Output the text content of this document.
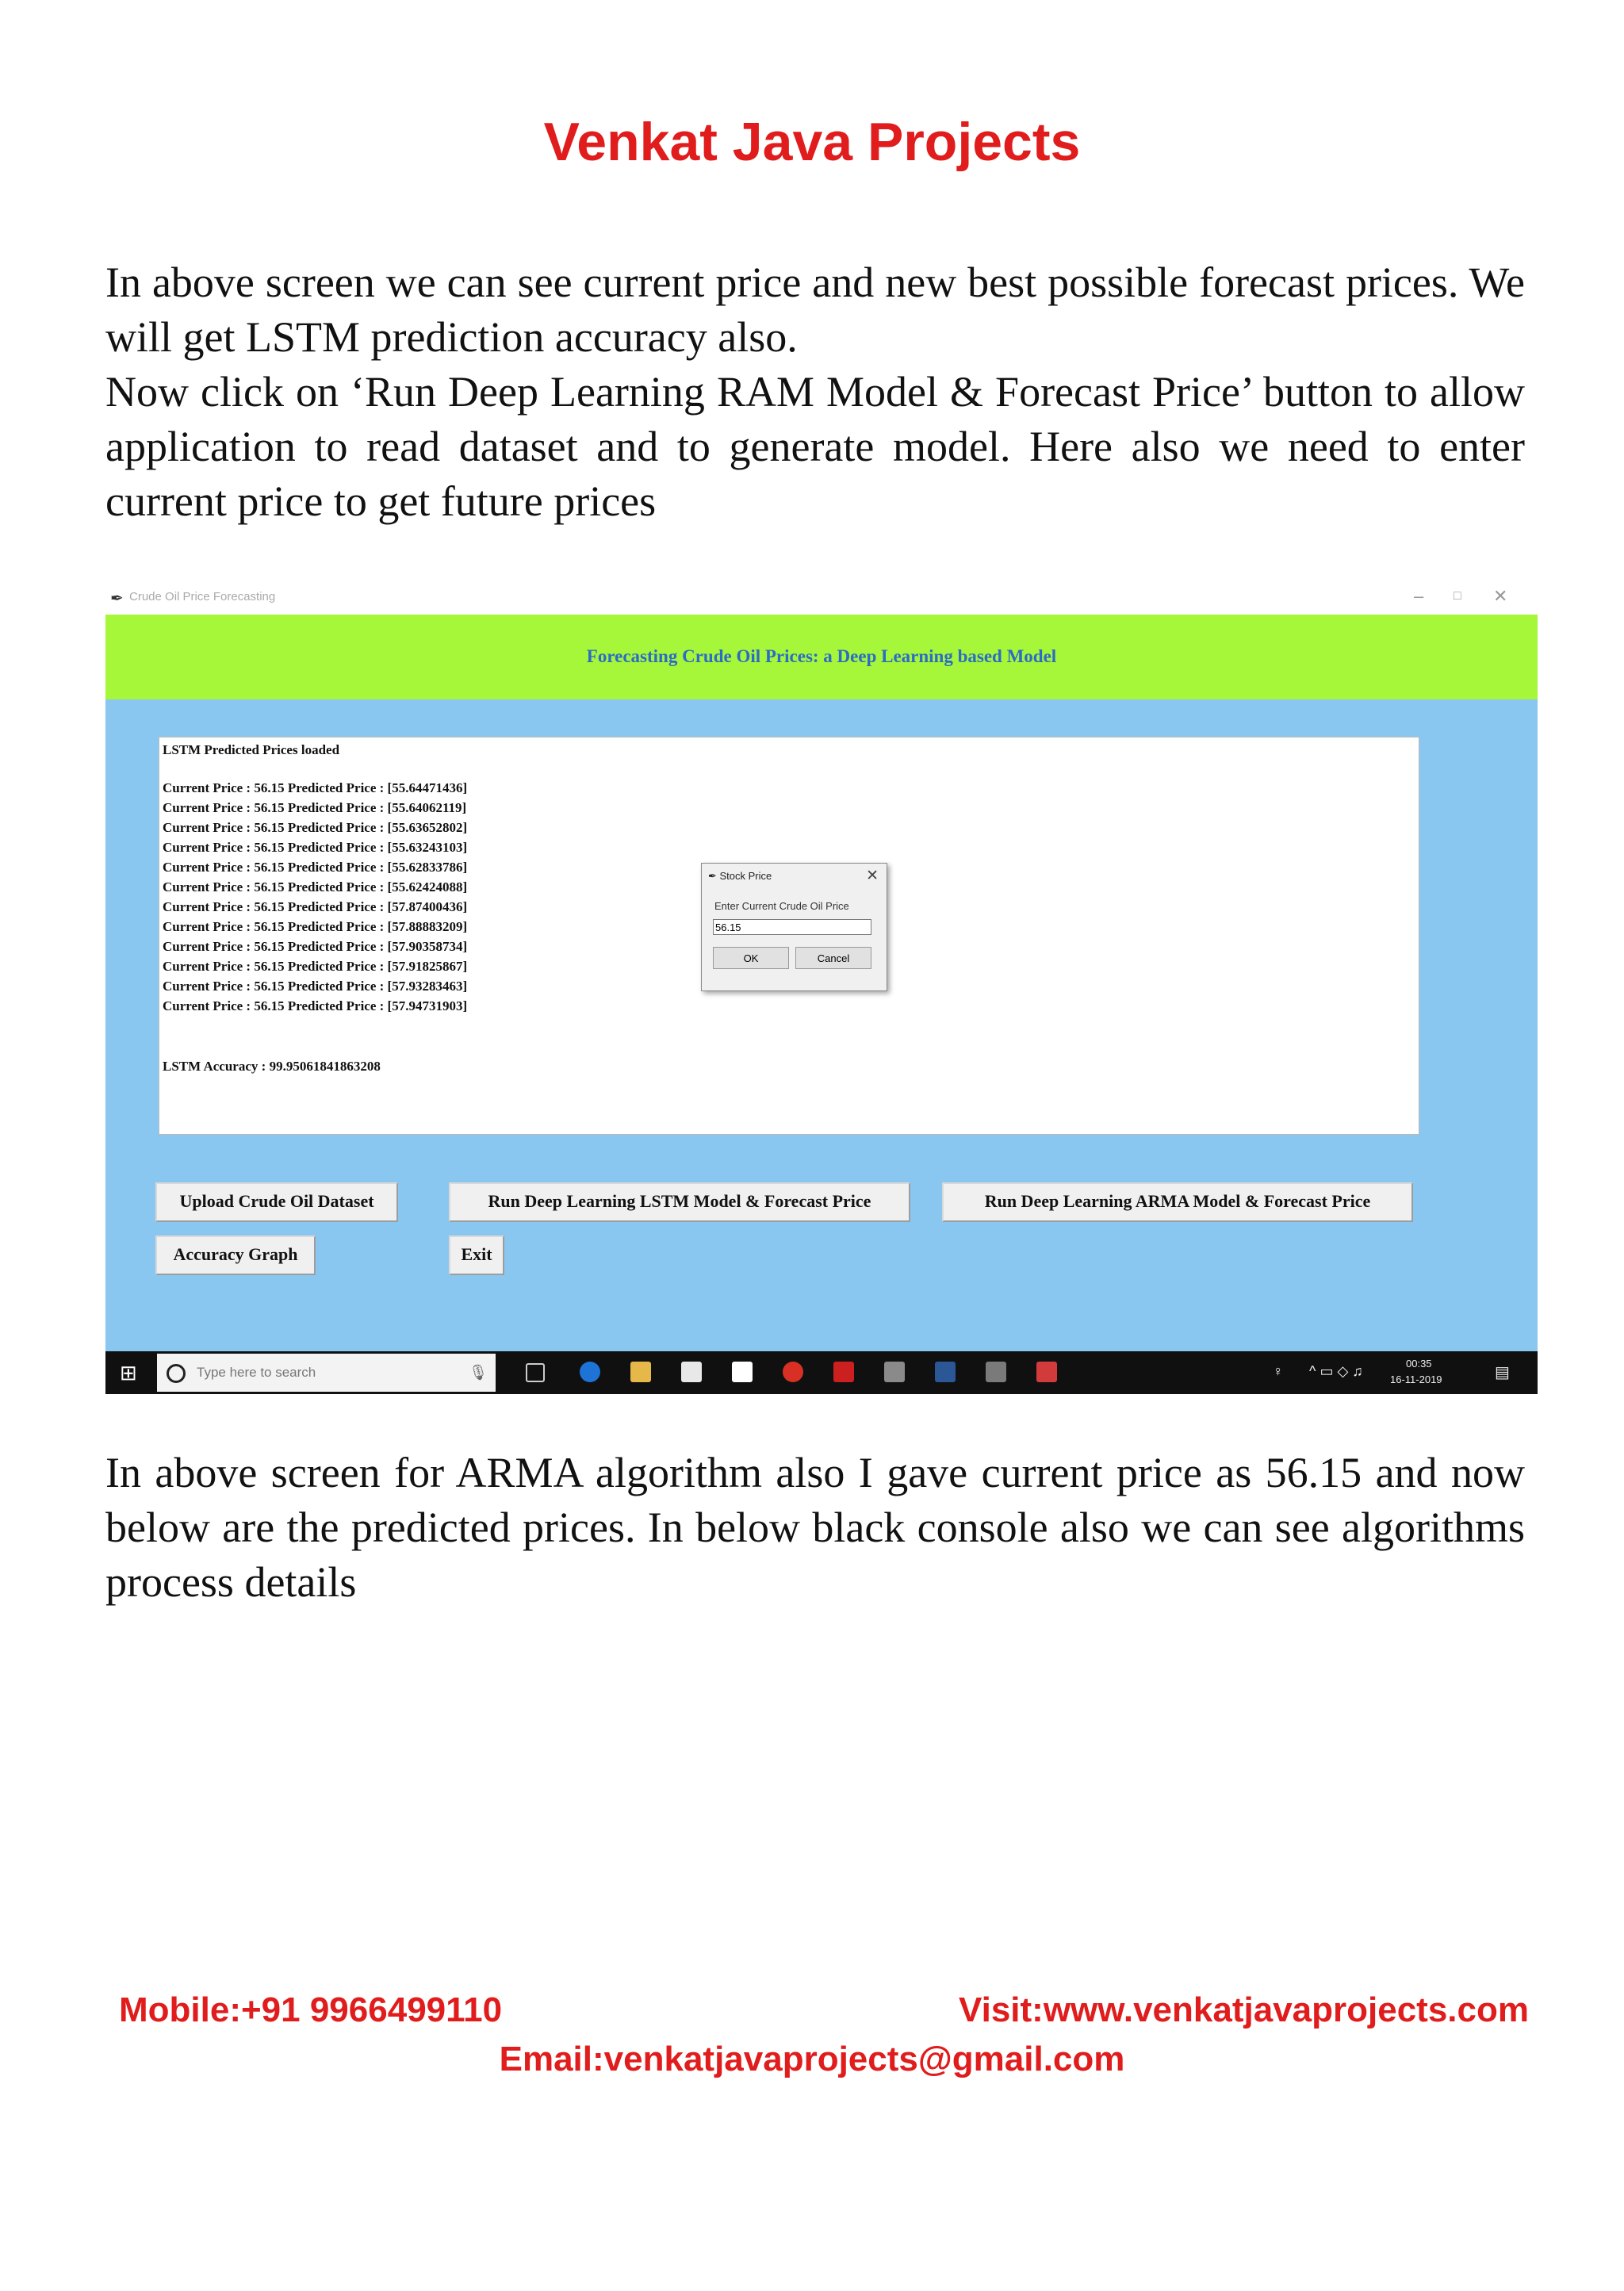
Venkat Java Projects

In above screen we can see current price and new best possible forecast prices. We will get LSTM prediction accuracy also.

Now click on ‘Run Deep Learning RAM Model & Forecast Price’ button to allow application to read dataset and to generate model. Here also we need to enter current price to get future prices

✒ Crude Oil Price Forecasting	– □ ✕
Forecasting Crude Oil Prices: a Deep Learning based Model
LSTM Predicted Prices loaded
Current Price : 56.15 Predicted Price : [55.64471436]
Current Price : 56.15 Predicted Price : [55.64062119]
Current Price : 56.15 Predicted Price : [55.63652802]
Current Price : 56.15 Predicted Price : [55.63243103]
Current Price : 56.15 Predicted Price : [55.62833786]
Current Price : 56.15 Predicted Price : [55.62424088]
Current Price : 56.15 Predicted Price : [57.87400436]
Current Price : 56.15 Predicted Price : [57.88883209]
Current Price : 56.15 Predicted Price : [57.90358734]
Current Price : 56.15 Predicted Price : [57.91825867]
Current Price : 56.15 Predicted Price : [57.93283463]
Current Price : 56.15 Predicted Price : [57.94731903]
LSTM Accuracy : 99.95061841863208
✒ Stock Price	✕
Enter Current Crude Oil Price
56.15
OK	Cancel
Upload Crude Oil Dataset	Run Deep Learning LSTM Model & Forecast Price	Run Deep Learning ARMA Model & Forecast Price
Accuracy Graph	Exit
⊞	Type here to search	🎙︎	♀ ^ ▭ ◇ ♫	00:35
16-11-2019	▤

In above screen for ARMA algorithm also I gave current price as 56.15 and now below are the predicted prices. In below black console also we can see algorithms process details

Mobile:+91 9966499110	Visit:www.venkatjavaprojects.com
Email:venkatjavaprojects@gmail.com
